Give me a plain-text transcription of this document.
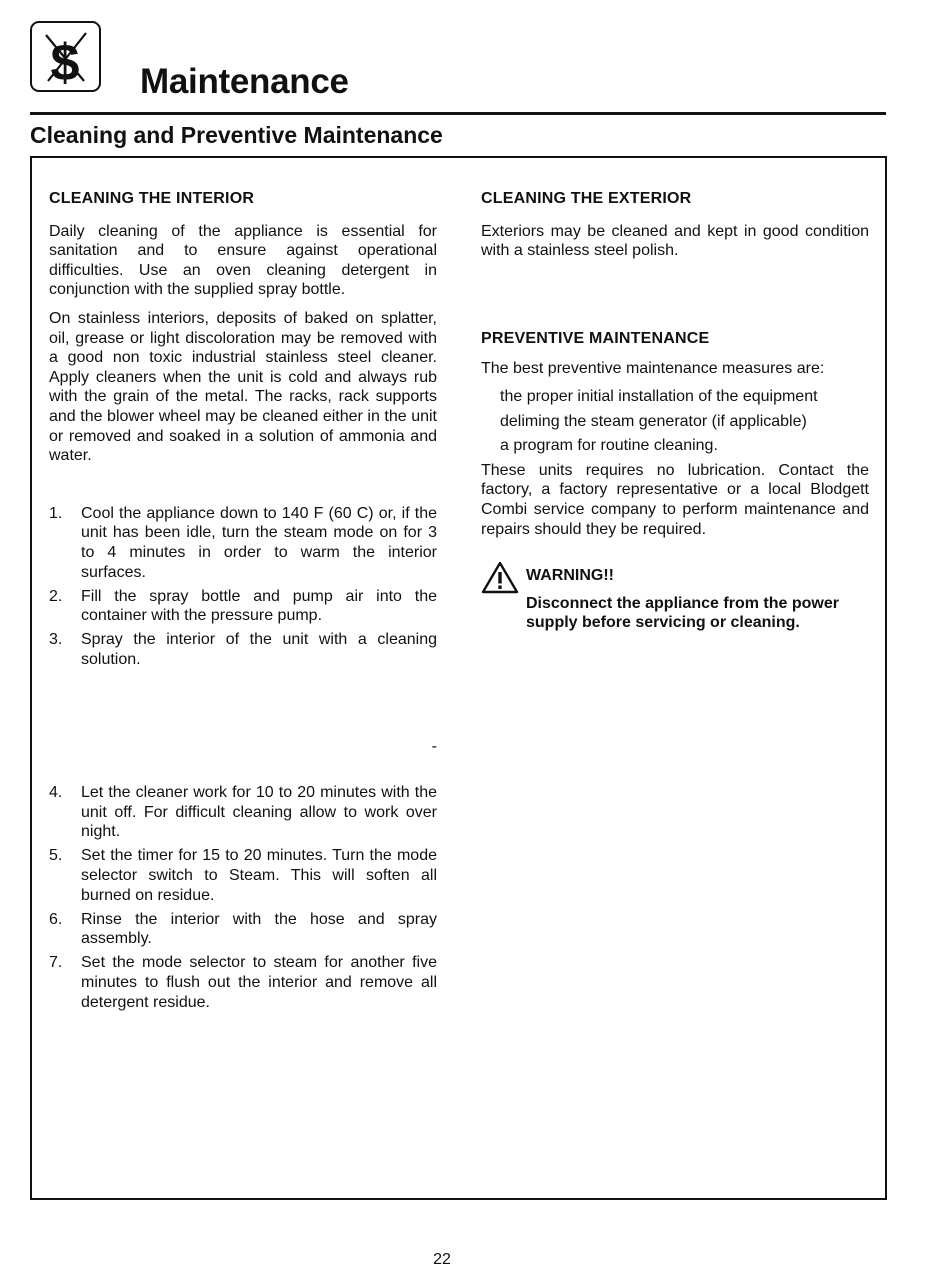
$ Maintenance
Cleaning and Preventive Maintenance
CLEANING THE INTERIOR

Daily cleaning of the appliance is essential for sanitation and to ensure against operational difficulties. Use an oven cleaning detergent in conjunction with the supplied spray bottle.

On stainless interiors, deposits of baked on splatter, oil, grease or light discoloration may be removed with a good non toxic industrial stainless steel cleaner. Apply cleaners when the unit is cold and always rub with the grain of the metal. The racks, rack supports and the blower wheel may be cleaned either in the unit or removed and soaked in a solution of ammonia and water.

1. Cool the appliance down to 140 F (60 C) or, if the unit has been idle, turn the steam mode on for 3 to 4 minutes in order to warm the interior surfaces.
2. Fill the spray bottle and pump air into the container with the pressure pump.
3. Spray the interior of the unit with a cleaning solution.
-
4. Let the cleaner work for 10 to 20 minutes with the unit off. For difficult cleaning allow to work over night.
5. Set the timer for 15 to 20 minutes. Turn the mode selector switch to Steam. This will soften all burned on residue.
6. Rinse the interior with the hose and spray assembly.
7. Set the mode selector to steam for another five minutes to flush out the interior and remove all detergent residue.
CLEANING THE EXTERIOR

Exteriors may be cleaned and kept in good condition with a stainless steel polish.

PREVENTIVE MAINTENANCE

The best preventive maintenance measures are:

the proper initial installation of the equipment
deliming the steam generator (if applicable)
a program for routine cleaning.

These units requires no lubrication. Contact the factory, a factory representative or a local Blodgett Combi service company to perform maintenance and repairs should they be required.

WARNING!!
Disconnect the appliance from the power supply before servicing or cleaning.
22
